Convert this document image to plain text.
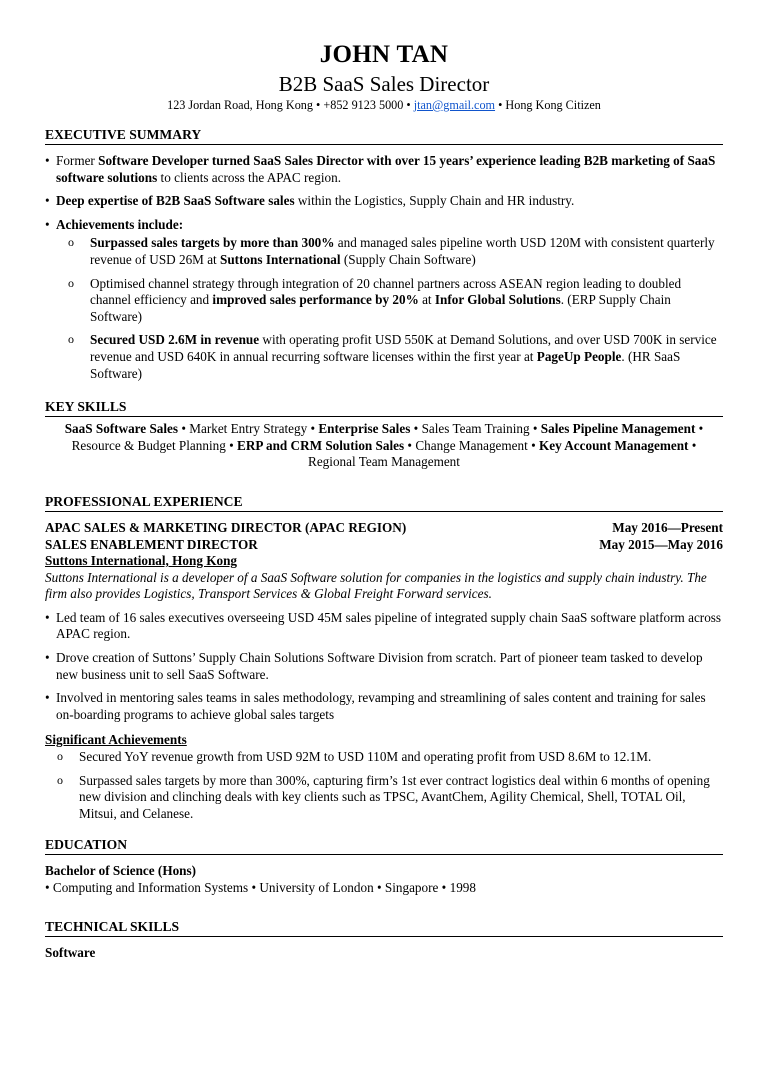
JOHN TAN
B2B SaaS Sales Director
123 Jordan Road, Hong Kong • +852 9123 5000 • jtan@gmail.com • Hong Kong Citizen
EXECUTIVE SUMMARY
• Former Software Developer turned SaaS Sales Director with over 15 years’ experience leading B2B marketing of SaaS software solutions to clients across the APAC region.
• Deep expertise of B2B SaaS Software sales within the Logistics, Supply Chain and HR industry.
• Achievements include:
o Surpassed sales targets by more than 300% and managed sales pipeline worth USD 120M with consistent quarterly revenue of USD 26M at Suttons International (Supply Chain Software)
o Optimised channel strategy through integration of 20 channel partners across ASEAN region leading to doubled channel efficiency and improved sales performance by 20% at Infor Global Solutions. (ERP Supply Chain Software)
o Secured USD 2.6M in revenue with operating profit USD 550K at Demand Solutions, and over USD 700K in service revenue and USD 640K in annual recurring software licenses within the first year at PageUp People. (HR SaaS Software)
KEY SKILLS
SaaS Software Sales • Market Entry Strategy • Enterprise Sales • Sales Team Training • Sales Pipeline Management •
Resource & Budget Planning • ERP and CRM Solution Sales • Change Management • Key Account Management •
Regional Team Management
PROFESSIONAL EXPERIENCE
APAC SALES & MARKETING DIRECTOR (APAC REGION)	May 2016—Present
SALES ENABLEMENT DIRECTOR	May 2015—May 2016
Suttons International, Hong Kong
Suttons International is a developer of a SaaS Software solution for companies in the logistics and supply chain industry. The firm also provides Logistics, Transport Services & Global Freight Forward services.
• Led team of 16 sales executives overseeing USD 45M sales pipeline of integrated supply chain SaaS software platform across APAC region.
• Drove creation of Suttons’ Supply Chain Solutions Software Division from scratch. Part of pioneer team tasked to develop new business unit to sell SaaS Software.
• Involved in mentoring sales teams in sales methodology, revamping and streamlining of sales content and training for sales on-boarding programs to achieve global sales targets
Significant Achievements
o Secured YoY revenue growth from USD 92M to USD 110M and operating profit from USD 8.6M to 12.1M.
o Surpassed sales targets by more than 300%, capturing firm’s 1st ever contract logistics deal within 6 months of opening new division and clinching deals with key clients such as TPSC, AvantChem, Agility Chemical, Shell, TOTAL Oil, Mitsui, and Celanese.
EDUCATION
Bachelor of Science (Hons)
• Computing and Information Systems • University of London • Singapore • 1998
TECHNICAL SKILLS
Software
